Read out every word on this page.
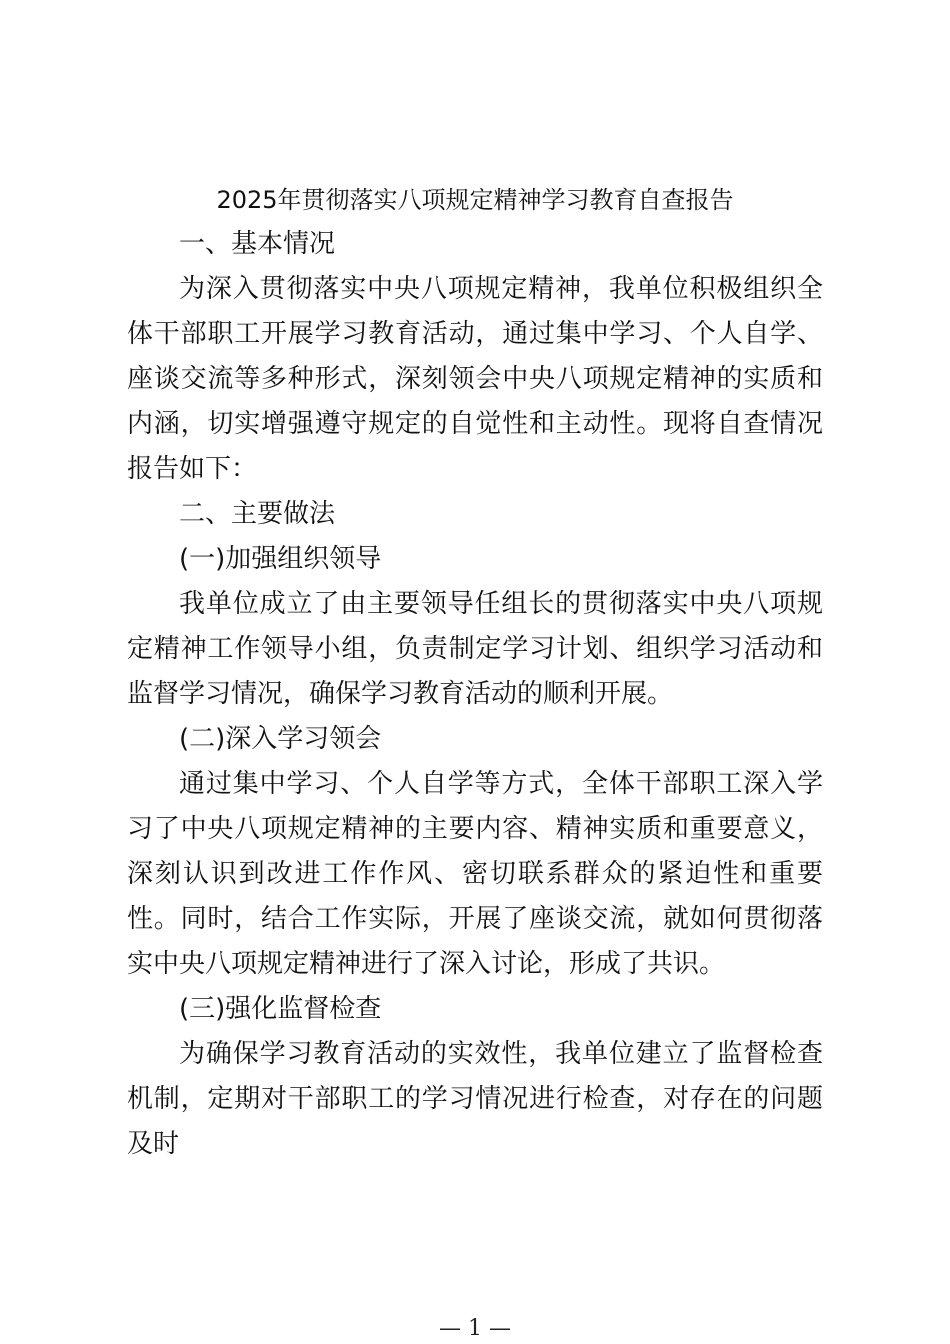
2025年贯彻落实八项规定精神学习教育自查报告

一、基本情况

为深入贯彻落实中央八项规定精神，我单位积极组织全体干部职工开展学习教育活动，通过集中学习、个人自学、座谈交流等多种形式，深刻领会中央八项规定精神的实质和内涵，切实增强遵守规定的自觉性和主动性。现将自查情况报告如下：

二、主要做法

(一)加强组织领导

我单位成立了由主要领导任组长的贯彻落实中央八项规定精神工作领导小组，负责制定学习计划、组织学习活动和监督学习情况，确保学习教育活动的顺利开展。

(二)深入学习领会

通过集中学习、个人自学等方式，全体干部职工深入学习了中央八项规定精神的主要内容、精神实质和重要意义，深刻认识到改进工作作风、密切联系群众的紧迫性和重要性。同时，结合工作实际，开展了座谈交流，就如何贯彻落实中央八项规定精神进行了深入讨论，形成了共识。

(三)强化监督检查

为确保学习教育活动的实效性，我单位建立了监督检查机制，定期对干部职工的学习情况进行检查，对存在的问题及时

— 1 —
